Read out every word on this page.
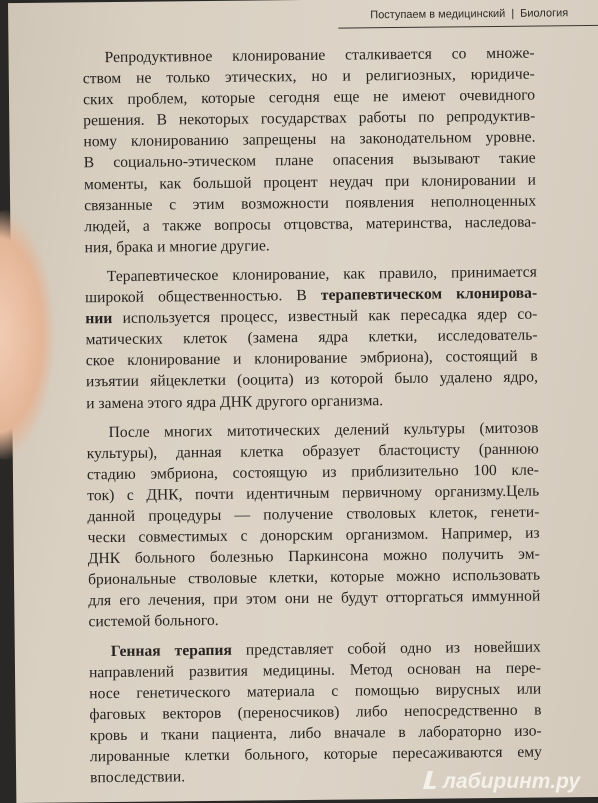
Поступаем в медицинский | Биология
Репродуктивное клонирование сталкивается со множе-
ством не только этических, но и религиозных, юридиче-
ских проблем, которые сегодня еще не имеют очевидного
решения. В некоторых государствах работы по репродуктив-
ному клонированию запрещены на законодательном уровне.
В социально-этическом плане опасения вызывают такие
моменты, как большой процент неудач при клонировании и
связанные с этим возможности появления неполноценных
людей, а также вопросы отцовства, материнства, наследова-
ния, брака и многие другие.
Терапевтическое клонирование, как правило, принимается
широкой общественностью. В терапевтическом клонирова-
нии используется процесс, известный как пересадка ядер со-
матических клеток (замена ядра клетки, исследователь-
ское клонирование и клонирование эмбриона), состоящий в
изъятии яйцеклетки (ооцита) из которой было удалено ядро,
и замена этого ядра ДНК другого организма.
После многих митотических делений культуры (митозов
культуры), данная клетка образует бластоцисту (раннюю
стадию эмбриона, состоящую из приблизительно 100 кле-
ток) с ДНК, почти идентичным первичному организму.Цель
данной процедуры — получение стволовых клеток, генети-
чески совместимых с донорским организмом. Например, из
ДНК больного болезнью Паркинсона можно получить эм-
бриональные стволовые клетки, которые можно использовать
для его лечения, при этом они не будут отторгаться иммунной
системой больного.
Генная терапия представляет собой одно из новейших
направлений развития медицины. Метод основан на пере-
носе генетического материала с помощью вирусных или
фаговых векторов (переносчиков) либо непосредственно в
кровь и ткани пациента, либо вначале в лабораторно изо-
лированные клетки больного, которые пересаживаются ему
впоследствии.	лабиринт.ру
